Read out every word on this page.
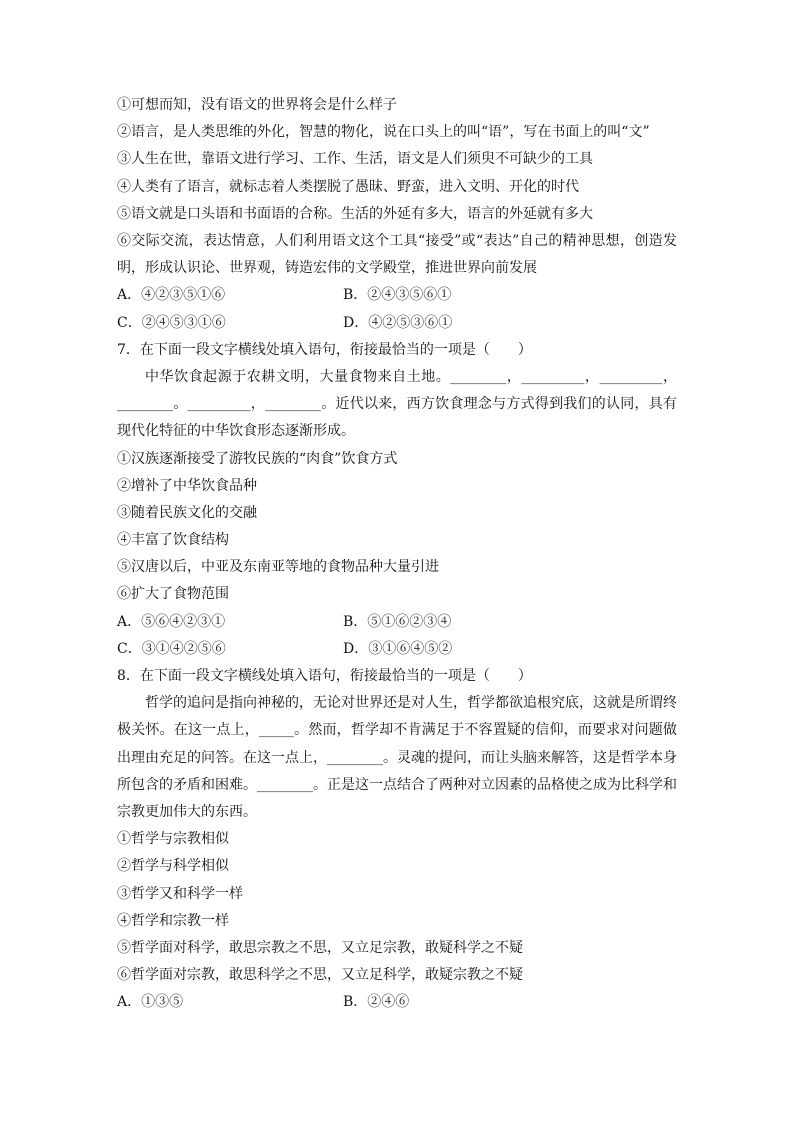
①可想而知，没有语文的世界将会是什么样子
②语言，是人类思维的外化，智慧的物化，说在口头上的叫“语”，写在书面上的叫“文”
③人生在世，靠语文进行学习、工作、生活，语文是人们须臾不可缺少的工具
④人类有了语言，就标志着人类摆脱了愚昧、野蛮，进入文明、开化的时代
⑤语文就是口头语和书面语的合称。生活的外延有多大，语言的外延就有多大
⑥交际交流，表达情意，人们利用语文这个工具“接受”或“表达”自己的精神思想，创造发明，形成认识论、世界观，铸造宏伟的文学殿堂，推进世界向前发展
A．④②③⑤①⑥	B．②④③⑤⑥①
C．②④⑤③①⑥	D．④②⑤③⑥①
7．在下面一段文字横线处填入语句，衔接最恰当的一项是（　　）
中华饮食起源于农耕文明，大量食物来自土地。________，_________，_________，________。_________，________。近代以来，西方饮食理念与方式得到我们的认同，具有现代化特征的中华饮食形态逐渐形成。
①汉族逐渐接受了游牧民族的“肉食”饮食方式
②增补了中华饮食品种
③随着民族文化的交融
④丰富了饮食结构
⑤汉唐以后，中亚及东南亚等地的食物品种大量引进
⑥扩大了食物范围
A．⑤⑥④②③①	B．⑤①⑥②③④
C．③①④②⑤⑥	D．③①⑥④⑤②
8．在下面一段文字横线处填入语句，衔接最恰当的一项是（　　）
哲学的追问是指向神秘的，无论对世界还是对人生，哲学都欲追根究底，这就是所谓终极关怀。在这一点上，_____。然而，哲学却不肯满足于不容置疑的信仰，而要求对问题做出理由充足的问答。在这一点上，________。灵魂的提问，而让头脑来解答，这是哲学本身所包含的矛盾和困难。________。正是这一点结合了两种对立因素的品格使之成为比科学和宗教更加伟大的东西。
①哲学与宗教相似
②哲学与科学相似
③哲学又和科学一样
④哲学和宗教一样
⑤哲学面对科学，敢思宗教之不思，又立足宗教，敢疑科学之不疑
⑥哲学面对宗教，敢思科学之不思，又立足科学，敢疑宗教之不疑
A．①③⑤	B．②④⑥
